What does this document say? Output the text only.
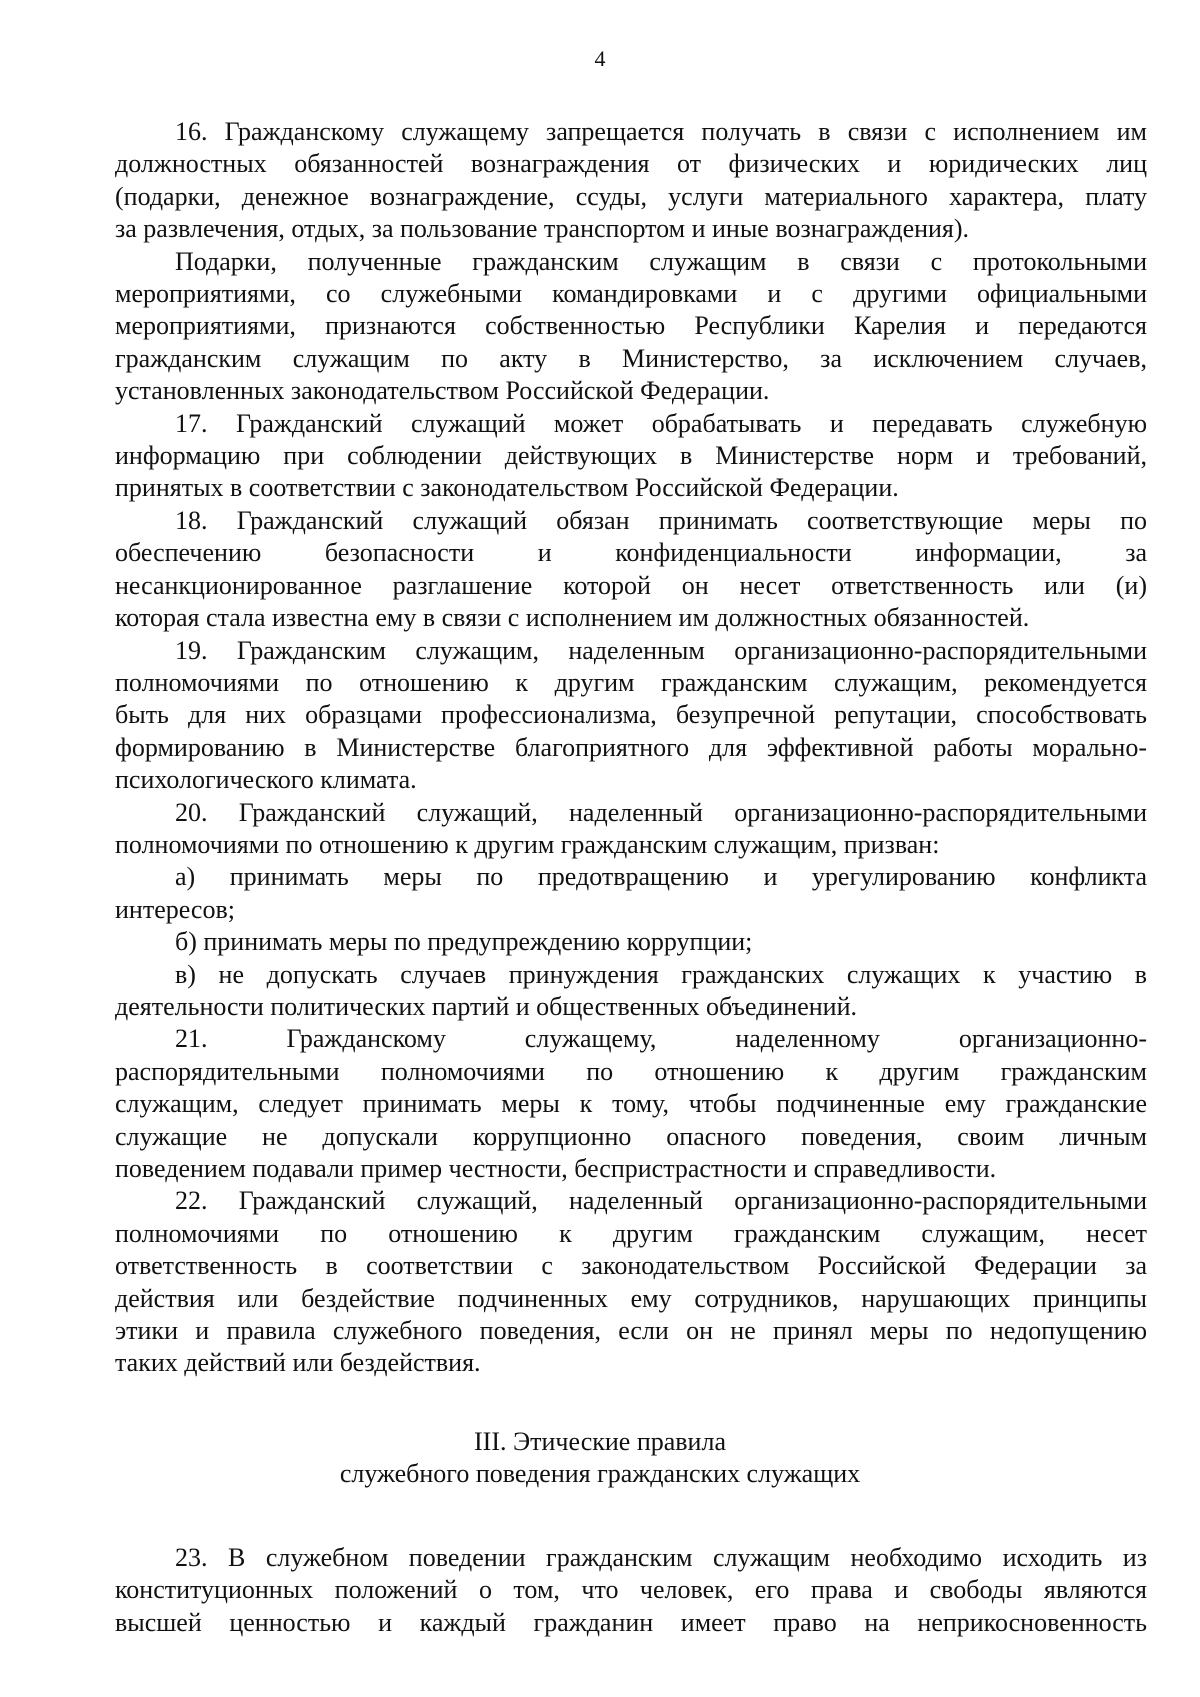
4

16. Гражданскому служащему запрещается получать в связи с исполнением им
должностных обязанностей вознаграждения от физических и юридических лиц
(подарки, денежное вознаграждение, ссуды, услуги материального характера, плату
за развлечения, отдых, за пользование транспортом и иные вознаграждения).

Подарки, полученные гражданским служащим в связи с протокольными
мероприятиями, со служебными командировками и с другими официальными
мероприятиями, признаются собственностью Республики Карелия и передаются
гражданским служащим по акту в Министерство, за исключением случаев,
установленных законодательством Российской Федерации.

17. Гражданский служащий может обрабатывать и передавать служебную
информацию при соблюдении действующих в Министерстве норм и требований,
принятых в соответствии с законодательством Российской Федерации.

18. Гражданский служащий обязан принимать соответствующие меры по
обеспечению безопасности и конфиденциальности информации, за
несанкционированное разглашение которой он несет ответственность или (и)
которая стала известна ему в связи с исполнением им должностных обязанностей.

19. Гражданским служащим, наделенным организационно-распорядительными
полномочиями по отношению к другим гражданским служащим, рекомендуется
быть для них образцами профессионализма, безупречной репутации, способствовать
формированию в Министерстве благоприятного для эффективной работы морально-
психологического климата.

20. Гражданский служащий, наделенный организационно-распорядительными
полномочиями по отношению к другим гражданским служащим, призван:

а) принимать меры по предотвращению и урегулированию конфликта
интересов;

б) принимать меры по предупреждению коррупции;

в) не допускать случаев принуждения гражданских служащих к участию в
деятельности политических партий и общественных объединений.

21. Гражданскому служащему, наделенному организационно-
распорядительными полномочиями по отношению к другим гражданским
служащим, следует принимать меры к тому, чтобы подчиненные ему гражданские
служащие не допускали коррупционно опасного поведения, своим личным
поведением подавали пример честности, беспристрастности и справедливости.

22. Гражданский служащий, наделенный организационно-распорядительными
полномочиями по отношению к другим гражданским служащим, несет
ответственность в соответствии с законодательством Российской Федерации за
действия или бездействие подчиненных ему сотрудников, нарушающих принципы
этики и правила служебного поведения, если он не принял меры по недопущению
таких действий или бездействия.

III. Этические правила
служебного поведения гражданских служащих

23. В служебном поведении гражданским служащим необходимо исходить из
конституционных положений о том, что человек, его права и свободы являются
высшей ценностью и каждый гражданин имеет право на неприкосновенность
